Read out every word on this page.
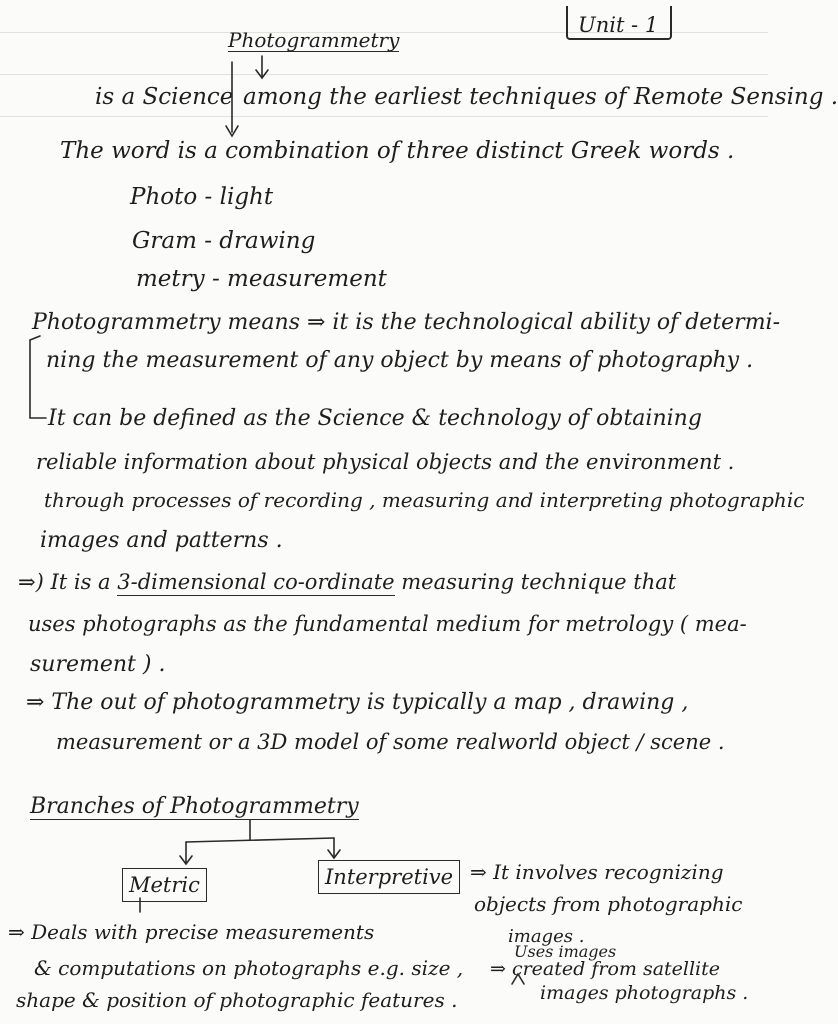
Unit - 1
Photogrammetry
is a Science among the earliest techniques of Remote Sensing .
The word is a combination of three distinct Greek words .
Photo - light
Gram - drawing
metry - measurement
Photogrammetry means ⇒ it is the technological ability of determi-
ning the measurement of any object by means of photography .
It can be defined as the Science & technology of obtaining
reliable information about physical objects and the environment .
through processes of recording , measuring and interpreting photographic
images and patterns .
⇒) It is a 3-dimensional co-ordinate measuring technique that
uses photographs as the fundamental medium for metrology ( mea-
surement ) .
⇒ The out of photogrammetry is typically a map , drawing ,
measurement or a 3D model of some realworld object / scene .
Branches of Photogrammetry
Metric	Interpretive ⇒ It involves recognizing
objects from photographic
images .
Uses images
⇒ created from satellite
images photographs .
⇒ Deals with precise measurements
& computations on photographs e.g. size ,
shape & position of photographic features .
